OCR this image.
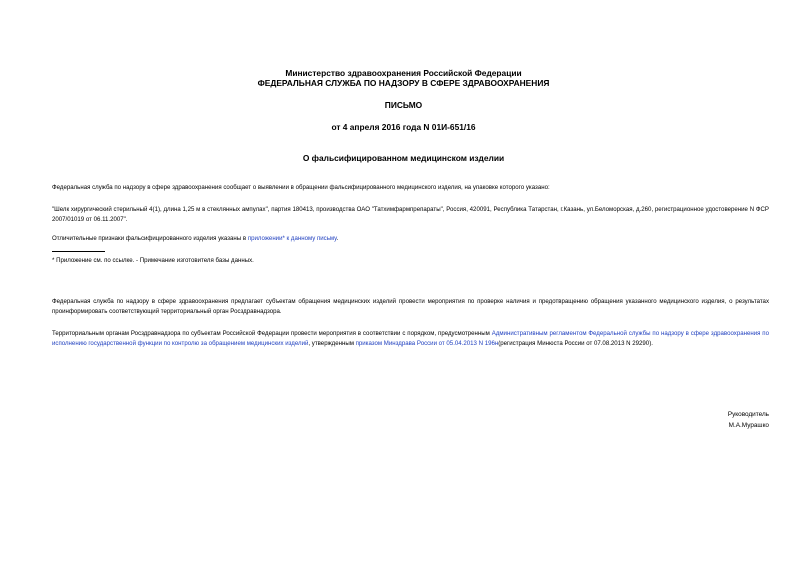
Министерство здравоохранения Российской Федерации
ФЕДЕРАЛЬНАЯ СЛУЖБА ПО НАДЗОРУ В СФЕРЕ ЗДРАВООХРАНЕНИЯ
ПИСЬМО
от 4 апреля 2016 года N 01И-651/16
О фальсифицированном медицинском изделии
Федеральная служба по надзору в сфере здравоохранения сообщает о выявлении в обращении фальсифицированного медицинского изделия, на упаковке которого указано:
"Шелк хирургический стерильный 4(1), длина 1,25 м в стеклянных ампулах", партия 180413, производства ОАО "Татхимфармпрепараты", Россия, 420091, Республика Татарстан, г.Казань, ул.Беломорская, д.260, регистрационное удостоверение N ФСР 2007/01019 от 06.11.2007".
Отличительные признаки фальсифицированного изделия указаны в приложении* к данному письму.
* Приложение см. по ссылке. - Примечание изготовителя базы данных.
Федеральная служба по надзору в сфере здравоохранения предлагает субъектам обращения медицинских изделий провести мероприятия по проверке наличия и предотвращению обращения указанного медицинского изделия, о результатах проинформировать соответствующий территориальный орган Росздравнадзора.
Территориальным органам Росздравнадзора по субъектам Российской Федерации провести мероприятия в соответствии с порядком, предусмотренным Административным регламентом Федеральной службы по надзору в сфере здравоохранения по исполнению государственной функции по контролю за обращением медицинских изделий, утвержденным приказом Минздрава России от 05.04.2013 N 196н(регистрация Минюста России от 07.08.2013 N 29290).
Руководитель
М.А.Мурашко
